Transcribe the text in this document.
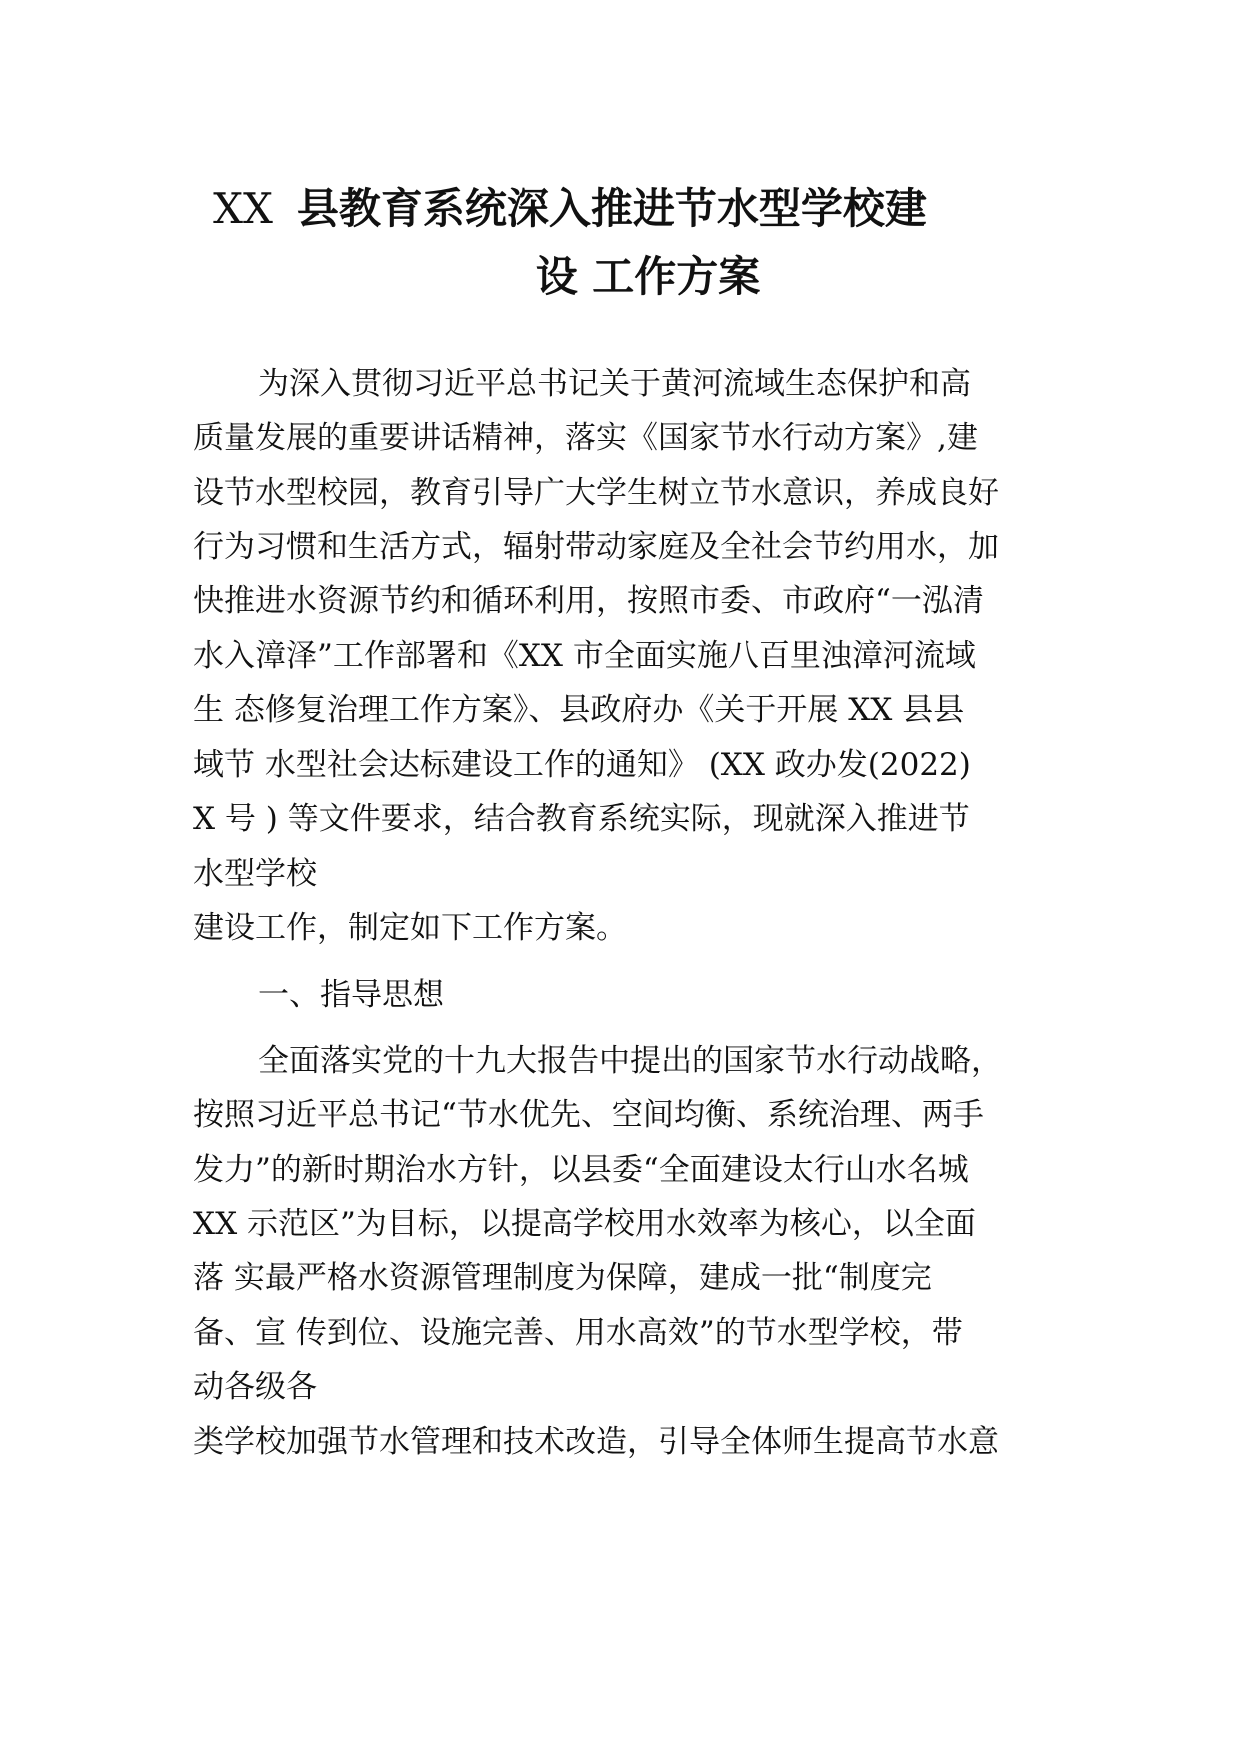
XX 县教育系统深入推进节水型学校建
设 工作方案
为深入贯彻习近平总书记关于黄河流域生态保护和高
质量发展的重要讲话精神，落实《国家节水行动方案》,建
设节水型校园，教育引导广大学生树立节水意识，养成良好
行为习惯和生活方式，辐射带动家庭及全社会节约用水，加
快推进水资源节约和循环利用，按照市委、市政府“一泓清
水入漳泽”工作部署和《XX 市全面实施八百里浊漳河流域
生 态修复治理工作方案》、县政府办《关于开展 XX 县县
域节 水型社会达标建设工作的通知》 (XX 政办发(2022)
X 号 ) 等文件要求，结合教育系统实际，现就深入推进节
水型学校
建设工作，制定如下工作方案。
一、指导思想
全面落实党的十九大报告中提出的国家节水行动战略，
按照习近平总书记“节水优先、空间均衡、系统治理、两手
发力”的新时期治水方针，以县委“全面建设太行山水名城
XX 示范区”为目标，以提高学校用水效率为核心，以全面
落 实最严格水资源管理制度为保障，建成一批“制度完
备、宣 传到位、设施完善、用水高效”的节水型学校，带
动各级各
类学校加强节水管理和技术改造，引导全体师生提高节水意
